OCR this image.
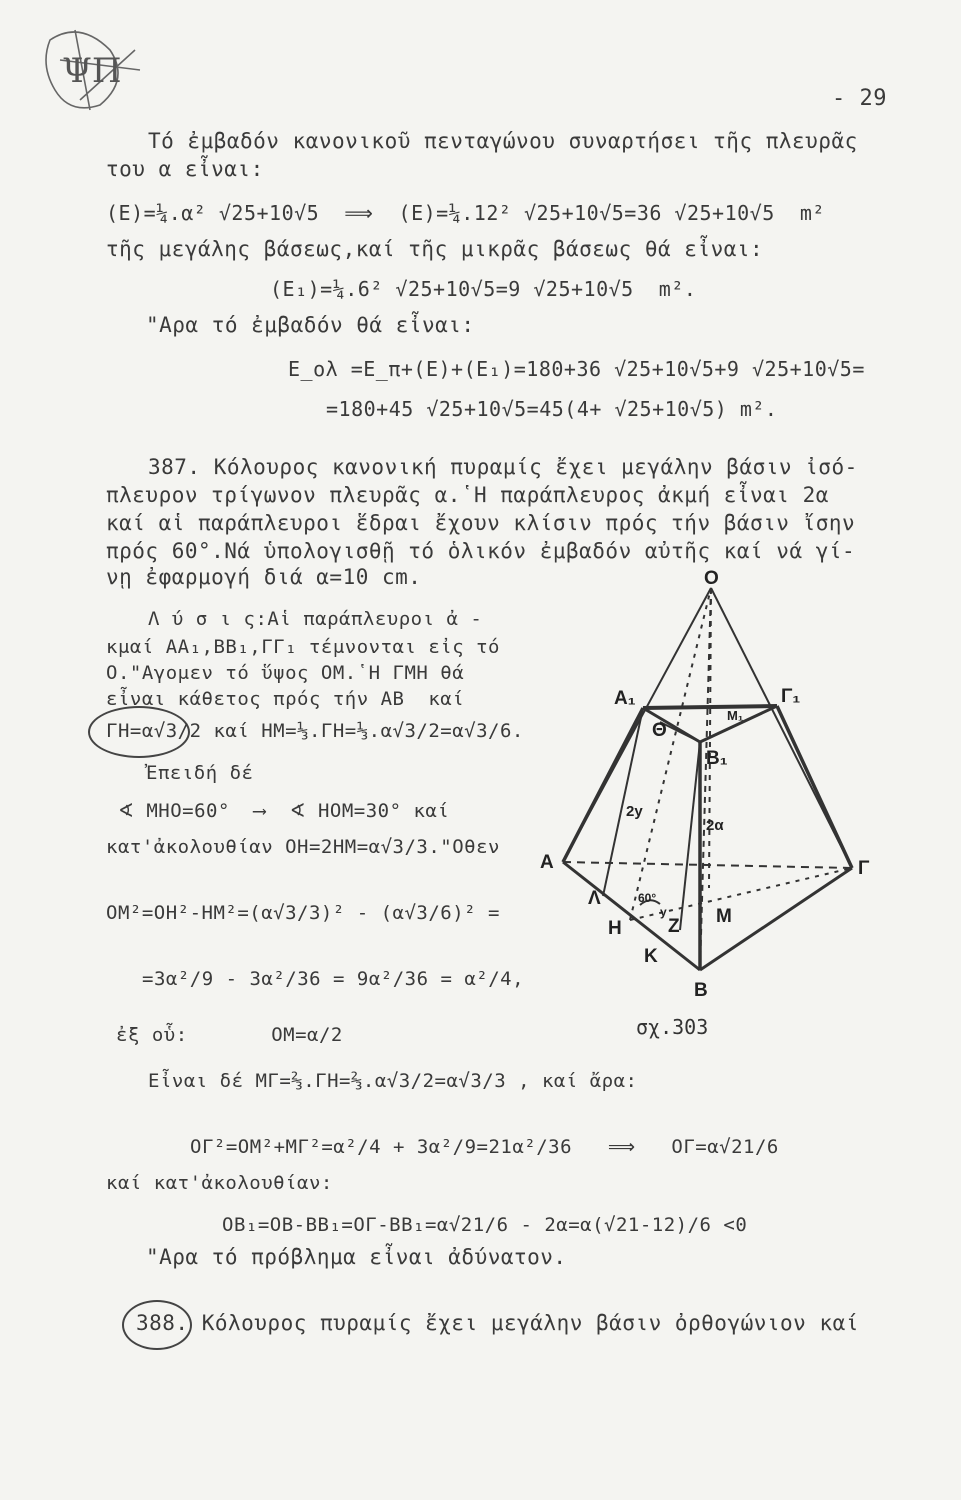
ΨΠ
- 29
Τό ἐμβαδόν κανονικοῦ πενταγώνου συναρτήσει τῆς πλευρᾶς
του α εἶναι:
(Ε)=¼.α² √25+10√5  ⟹  (Ε)=¼.12² √25+10√5=36 √25+10√5  m²
τῆς μεγάλης βάσεως,καί τῆς μικρᾶς βάσεως θά εἶναι:
(Ε₁)=¼.6² √25+10√5=9 √25+10√5  m².
"Αρα τό ἐμβαδόν θά εἶναι:
Ε_ολ =Ε_π+(Ε)+(Ε₁)=180+36 √25+10√5+9 √25+10√5=
=180+45 √25+10√5=45(4+ √25+10√5) m².
387. Κόλουρος κανονική πυραμίς ἔχει μεγάλην βάσιν ἰσό-
πλευρον τρίγωνον πλευρᾶς α.῾Η παράπλευρος ἀκμή εἶναι 2α
καί αἱ παράπλευροι ἕδραι ἔχουν κλίσιν πρός τήν βάσιν ἴσην
πρός 60°.Νά ὑπολογισθῇ τό ὁλικόν ἐμβαδόν αὐτῆς καί νά γί-
νῃ ἐφαρμογή διά α=10 cm.
Λ ύ σ ι ς:Αἱ παράπλευροι ἀ -
κμαί ΑΑ₁,ΒΒ₁,ΓΓ₁ τέμνονται εἰς τό
Ο."Αγομεν τό ὕψος ΟΜ.῾Η ΓΜΗ θά
εἶναι κάθετος πρός τήν ΑΒ  καί
ΓΗ=α√3/2 καί ΗΜ=⅓.ΓΗ=⅓.α√3/2=α√3/6.
Ἐπειδή δέ
∢ ΜΗΟ=60°  ⟶  ∢ ΗΟΜ=30° καί
κατ'ἀκολουθίαν ΟΗ=2ΗΜ=α√3/3."Οθεν
ΟΜ²=ΟΗ²-ΗΜ²=(α√3/3)² - (α√3/6)² =
=3α²/9 - 3α²/36 = 9α²/36 = α²/4,
ἐξ οὗ:       ΟΜ=α/2
Εἶναι δέ ΜΓ=⅔.ΓΗ=⅔.α√3/2=α√3/3 , καί ἄρα:
ΟΓ²=ΟΜ²+ΜΓ²=α²/4 + 3α²/9=21α²/36   ⟹   ΟΓ=α√21/6
καί κατ'ἀκολουθίαν:
ΟΒ₁=ΟΒ-ΒΒ₁=ΟΓ-ΒΒ₁=α√21/6 - 2α=α(√21-12)/6 <0
"Αρα τό πρόβλημα εἶναι ἀδύνατον.
388. Κόλουρος πυραμίς ἔχει μεγάλην βάσιν ὀρθογώνιον καί
O
A₁	Γ₁
B₁
M₁
Θ
A	Γ
Λ
H Z M
K
B
2y
2α
60°
y
σχ.303
